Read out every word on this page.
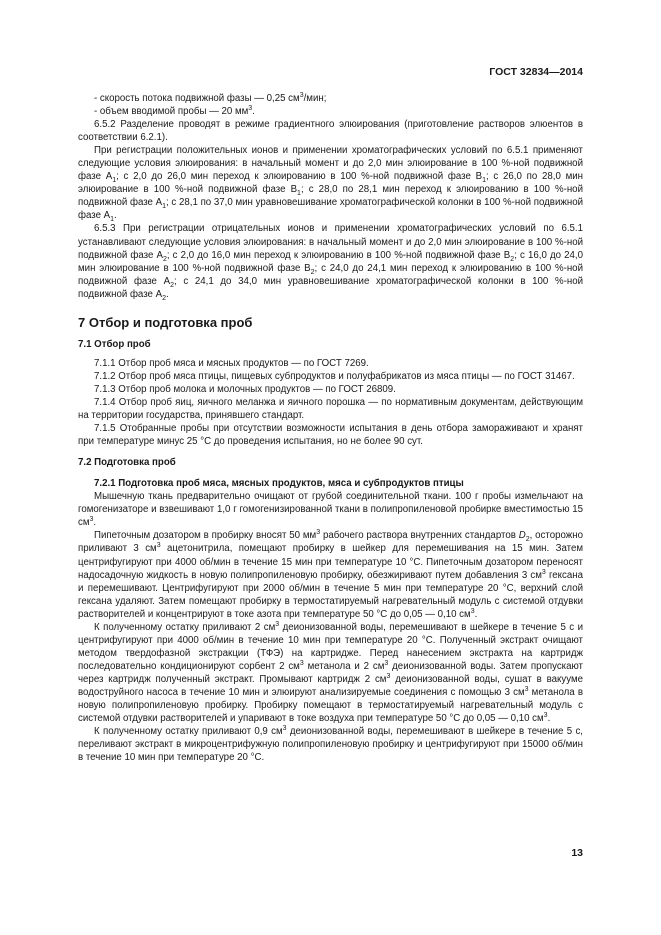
ГОСТ 32834—2014

- скорость потока подвижной фазы — 0,25 $см^3$/мин;

- объем вводимой пробы — 20 $мм^3$.

6.5.2 Разделение проводят в режиме градиентного элюирования (приготовление растворов элюентов в соответствии 6.2.1).

При регистрации положительных ионов и применении хроматографических условий по 6.5.1 применяют следующие условия элюирования: в начальный момент и до 2,0 мин элюирование в 100 %-ной подвижной фазе $А_1$; с 2,0 до 26,0 мин переход к элюированию в 100 %-ной подвижной фазе $В_1$; с 26,0 по 28,0 мин элюирование в 100 %-ной подвижной фазе $В_1$; с 28,0 по 28,1 мин переход к элюированию в 100 %-ной подвижной фазе $А_1$; с 28,1 по 37,0 мин уравновешивание хроматографической колонки в 100 %-ной подвижной фазе $А_1$.

6.5.3 При регистрации отрицательных ионов и применении хроматографических условий по 6.5.1 устанавливают следующие условия элюирования: в начальный момент и до 2,0 мин элюирование в 100 %-ной подвижной фазе $А_2$; с 2,0 до 16,0 мин переход к элюированию в 100 %-ной подвижной фазе $В_2$; с 16,0 до 24,0 мин элюирование в 100 %-ной подвижной фазе $В_2$; с 24,0 до 24,1 мин переход к элюированию в 100 %-ной подвижной фазе $А_2$; с 24,1 до 34,0 мин уравновешивание хроматографической колонки в 100 %-ной подвижной фазе $А_2$.

7 Отбор и подготовка проб
7.1 Отбор проб

7.1.1 Отбор проб мяса и мясных продуктов — по ГОСТ 7269.

7.1.2 Отбор проб мяса птицы, пищевых субпродуктов и полуфабрикатов из мяса птицы — по ГОСТ 31467.

7.1.3 Отбор проб молока и молочных продуктов — по ГОСТ 26809.

7.1.4 Отбор проб яиц, яичного меланжа и яичного порошка — по нормативным документам, действующим на территории государства, принявшего стандарт.

7.1.5 Отобранные пробы при отсутствии возможности испытания в день отбора замораживают и хранят при температуре минус 25 °С до проведения испытания, но не более 90 сут.

7.2 Подготовка проб
7.2.1 Подготовка проб мяса, мясных продуктов, мяса и субпродуктов птицы

Мышечную ткань предварительно очищают от грубой соединительной ткани. 100 г пробы измельчают на гомогенизаторе и взвешивают 1,0 г гомогенизированной ткани в полипропиленовой пробирке вместимостью 15 $см^3$.

Пипеточным дозатором в пробирку вносят 50 $мм^3$ рабочего раствора внутренних стандартов $D_2$, осторожно приливают 3 $см^3$ ацетонитрила, помещают пробирку в шейкер для перемешивания на 15 мин. Затем центрифугируют при 4000 об/мин в течение 15 мин при температуре 10 °С. Пипеточным дозатором переносят надосадочную жидкость в новую полипропиленовую пробирку, обезжиривают путем добавления 3 $см^3$ гексана и перемешивают. Центрифугируют при 2000 об/мин в течение 5 мин при температуре 20 °С, верхний слой гексана удаляют. Затем помещают пробирку в термостатируемый нагревательный модуль с системой отдувки растворителей и концентрируют в токе азота при температуре 50 °С до 0,05 — 0,10 $см^3$.

К полученному остатку приливают 2 $см^3$ деионизованной воды, перемешивают в шейкере в течение 5 с и центрифугируют при 4000 об/мин в течение 10 мин при температуре 20 °С. Полученный экстракт очищают методом твердофазной экстракции (ТФЭ) на картридже. Перед нанесением экстракта на картридж последовательно кондиционируют сорбент 2 $см^3$ метанола и 2 $см^3$ деионизованной воды. Затем пропускают через картридж полученный экстракт. Промывают картридж 2 $см^3$ деионизованной воды, сушат в вакууме водоструйного насоса в течение 10 мин и элюируют анализируемые соединения с помощью 3 $см^3$ метанола в новую полипропиленовую пробирку. Пробирку помещают в термостатируемый нагревательный модуль с системой отдувки растворителей и упаривают в токе воздуха при температуре 50 °С до 0,05 — 0,10 $см^3$.

К полученному остатку приливают 0,9 $см^3$ деионизованной воды, перемешивают в шейкере в течение 5 с, переливают экстракт в микроцентрифужную полипропиленовую пробирку и центрифугируют при 15000 об/мин в течение 10 мин при температуре 20 °С.

13
